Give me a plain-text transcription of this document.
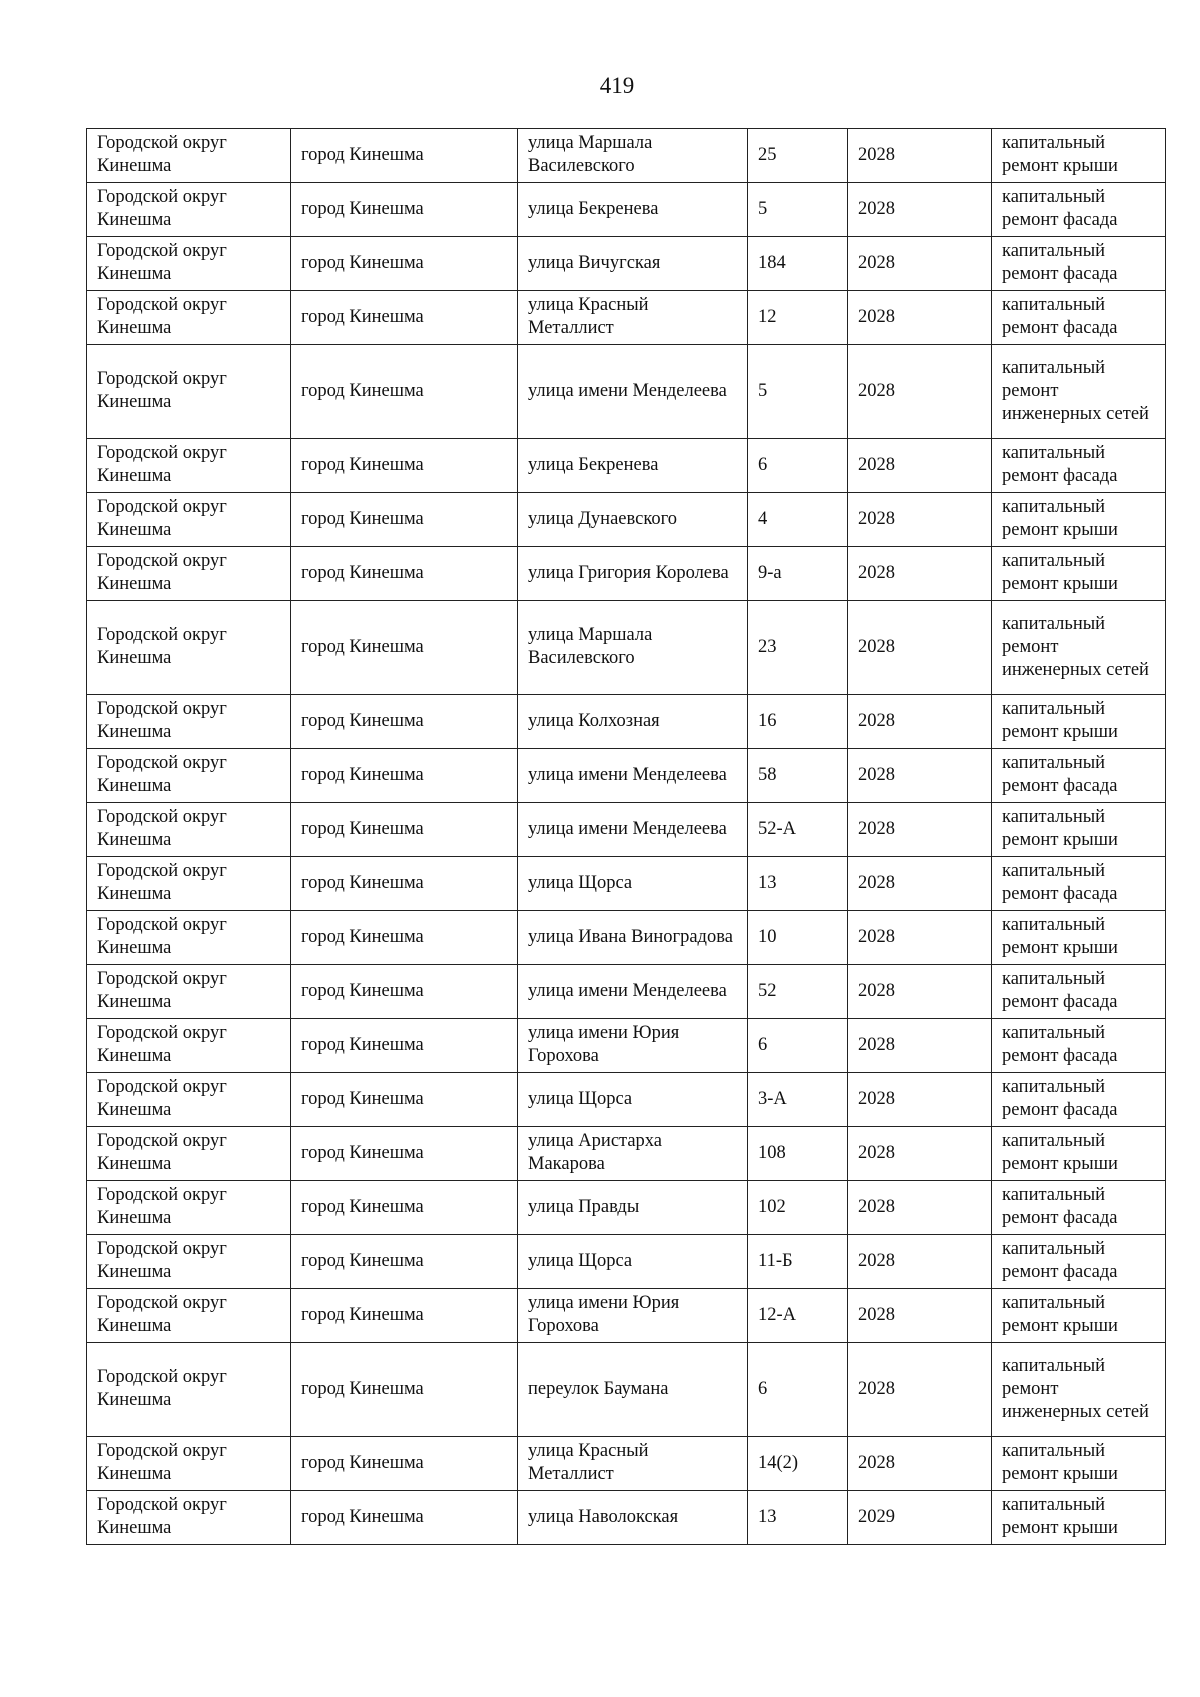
419
Городской округ Кинешма	город Кинешма	улица Маршала Василевского	25	2028	капитальный ремонт крыши
Городской округ Кинешма	город Кинешма	улица Бекренева	5	2028	капитальный ремонт фасада
Городской округ Кинешма	город Кинешма	улица Вичугская	184	2028	капитальный ремонт фасада
Городской округ Кинешма	город Кинешма	улица Красный Металлист	12	2028	капитальный ремонт фасада
Городской округ Кинешма	город Кинешма	улица имени Менделеева	5	2028	капитальный ремонт инженерных сетей
Городской округ Кинешма	город Кинешма	улица Бекренева	6	2028	капитальный ремонт фасада
Городской округ Кинешма	город Кинешма	улица Дунаевского	4	2028	капитальный ремонт крыши
Городской округ Кинешма	город Кинешма	улица Григория Королева	9-а	2028	капитальный ремонт крыши
Городской округ Кинешма	город Кинешма	улица Маршала Василевского	23	2028	капитальный ремонт инженерных сетей
Городской округ Кинешма	город Кинешма	улица Колхозная	16	2028	капитальный ремонт крыши
Городской округ Кинешма	город Кинешма	улица имени Менделеева	58	2028	капитальный ремонт фасада
Городской округ Кинешма	город Кинешма	улица имени Менделеева	52-А	2028	капитальный ремонт крыши
Городской округ Кинешма	город Кинешма	улица Щорса	13	2028	капитальный ремонт фасада
Городской округ Кинешма	город Кинешма	улица Ивана Виноградова	10	2028	капитальный ремонт крыши
Городской округ Кинешма	город Кинешма	улица имени Менделеева	52	2028	капитальный ремонт фасада
Городской округ Кинешма	город Кинешма	улица имени Юрия Горохова	6	2028	капитальный ремонт фасада
Городской округ Кинешма	город Кинешма	улица Щорса	3-А	2028	капитальный ремонт фасада
Городской округ Кинешма	город Кинешма	улица Аристарха Макарова	108	2028	капитальный ремонт крыши
Городской округ Кинешма	город Кинешма	улица Правды	102	2028	капитальный ремонт фасада
Городской округ Кинешма	город Кинешма	улица Щорса	11-Б	2028	капитальный ремонт фасада
Городской округ Кинешма	город Кинешма	улица имени Юрия Горохова	12-А	2028	капитальный ремонт крыши
Городской округ Кинешма	город Кинешма	переулок Баумана	6	2028	капитальный ремонт инженерных сетей
Городской округ Кинешма	город Кинешма	улица Красный Металлист	14(2)	2028	капитальный ремонт крыши
Городской округ Кинешма	город Кинешма	улица Наволокская	13	2029	капитальный ремонт крыши
